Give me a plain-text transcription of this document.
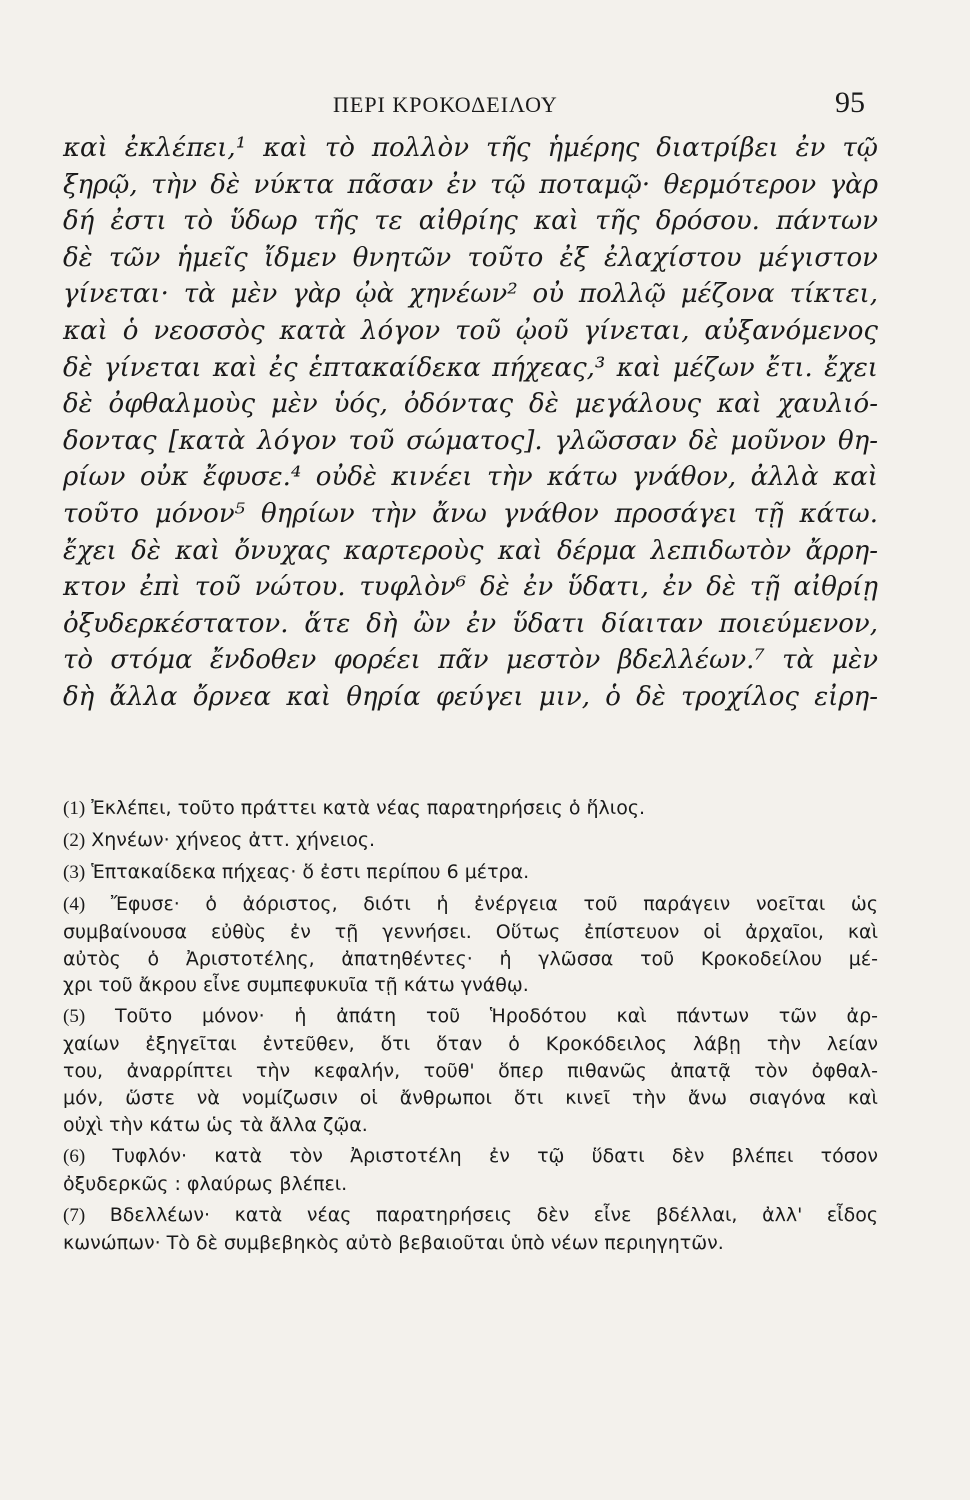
ΠΕΡΙ ΚΡΟΚΟΔΕΙΛΟΥ	95
καὶ ἐκλέπει,¹ καὶ τὸ πολλὸν τῆς ἡμέρης διατρίβει ἐν τῷ
ξηρῷ, τὴν δὲ νύκτα πᾶσαν ἐν τῷ ποταμῷ· θερμότερον γὰρ
δή ἐστι τὸ ὕδωρ τῆς τε αἰθρίης καὶ τῆς δρόσου. πάντων
δὲ τῶν ἡμεῖς ἴδμεν θνητῶν τοῦτο ἐξ ἐλαχίστου μέγιστον
γίνεται· τὰ μὲν γὰρ ᾠὰ χηνέων² οὐ πολλῷ μέζονα τίκτει,
καὶ ὁ νεοσσὸς κατὰ λόγον τοῦ ᾠοῦ γίνεται, αὐξανόμενος
δὲ γίνεται καὶ ἐς ἑπτακαίδεκα πήχεας,³ καὶ μέζων ἔτι. ἔχει
δὲ ὀφθαλμοὺς μὲν ὑός, ὀδόντας δὲ μεγάλους καὶ χαυλιό-
δοντας [κατὰ λόγον τοῦ σώματος]. γλῶσσαν δὲ μοῦνον θη-
ρίων οὐκ ἔφυσε.⁴ οὐδὲ κινέει τὴν κάτω γνάθον, ἀλλὰ καὶ
τοῦτο μόνον⁵ θηρίων τὴν ἄνω γνάθον προσάγει τῇ κάτω.
ἔχει δὲ καὶ ὄνυχας καρτεροὺς καὶ δέρμα λεπιδωτὸν ἄρρη-
κτον ἐπὶ τοῦ νώτου. τυφλὸν⁶ δὲ ἐν ὕδατι, ἐν δὲ τῇ αἰθρίῃ
ὀξυδερκέστατον. ἅτε δὴ ὢν ἐν ὕδατι δίαιταν ποιεύμενον,
τὸ στόμα ἔνδοθεν φορέει πᾶν μεστὸν βδελλέων.⁷ τὰ μὲν
δὴ ἄλλα ὄρνεα καὶ θηρία φεύγει μιν, ὁ δὲ τροχίλος εἰρη-
(1) Ἐκλέπει, τοῦτο πράττει κατὰ νέας παρατηρήσεις ὁ ἥλιος.
(2) Χηνέων· χήνεος ἀττ. χήνειος.
(3) Ἑπτακαίδεκα πήχεας· ὅ ἐστι περίπου 6 μέτρα.
(4) Ἔφυσε· ὁ ἀόριστος, διότι ἡ ἐνέργεια τοῦ παράγειν νοεῖται ὡς
συμβαίνουσα εὐθὺς ἐν τῇ γεννήσει. Οὕτως ἐπίστευον οἱ ἀρχαῖοι, καὶ
αὐτὸς ὁ Ἀριστοτέλης, ἀπατηθέντες· ἡ γλῶσσα τοῦ Κροκοδείλου μέ-
χρι τοῦ ἄκρου εἶνε συμπεφυκυῖα τῇ κάτω γνάθῳ.
(5) Τοῦτο μόνον· ἡ ἀπάτη τοῦ Ἡροδότου καὶ πάντων τῶν ἀρ-
χαίων ἐξηγεῖται ἐντεῦθεν, ὅτι ὅταν ὁ Κροκόδειλος λάβῃ τὴν λείαν
του, ἀναρρίπτει τὴν κεφαλήν, τοῦθ' ὅπερ πιθανῶς ἀπατᾷ τὸν ὀφθαλ-
μόν, ὥστε νὰ νομίζωσιν οἱ ἄνθρωποι ὅτι κινεῖ τὴν ἄνω σιαγόνα καὶ
οὐχὶ τὴν κάτω ὡς τὰ ἄλλα ζῷα.
(6) Τυφλόν· κατὰ τὸν Ἀριστοτέλη ἐν τῷ ὕδατι δὲν βλέπει τόσον
ὀξυδερκῶς : φλαύρως βλέπει.
(7) Βδελλέων· κατὰ νέας παρατηρήσεις δὲν εἶνε βδέλλαι, ἀλλ' εἶδος
κωνώπων· Τὸ δὲ συμβεβηκὸς αὐτὸ βεβαιοῦται ὑπὸ νέων περιηγητῶν.
